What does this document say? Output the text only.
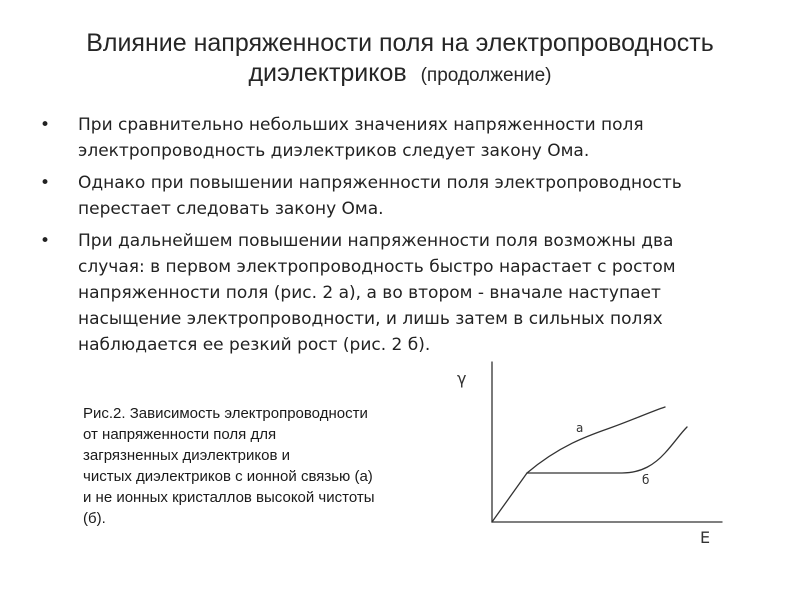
Влияние напряженности поля на электропроводность
диэлектриков (продолжение)
• При сравнительно небольших значениях напряженности поля электропроводность диэлектриков следует закону Ома.
• Однако при повышении напряженности поля электропроводность перестает следовать закону Ома.
• При дальнейшем повышении напряженности поля возможны два случая: в первом электропроводность быстро нарастает с ростом напряженности поля (рис. 2 а), а во втором - вначале наступает насыщение электропроводности, и лишь затем в сильных полях наблюдается ее резкий рост (рис. 2 б).
Рис.2. Зависимость электропроводности
от напряженности поля для
загрязненных диэлектриков и
чистых диэлектриков с ионной связью (а)
и не ионных кристаллов высокой чистоты
(б).
γ
E
а
б
